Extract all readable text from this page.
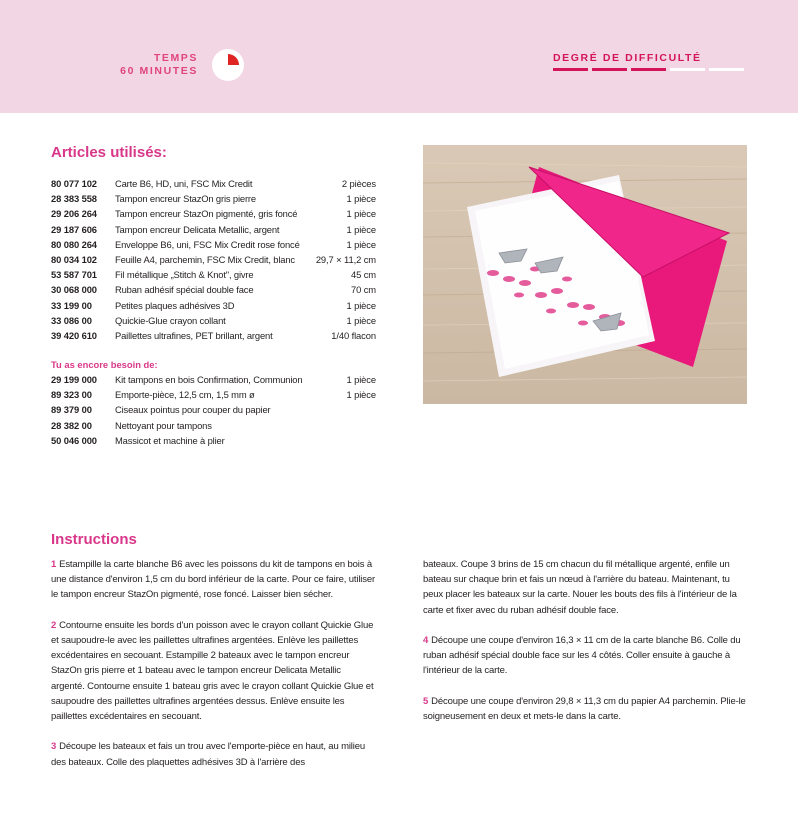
TEMPS
60 MINUTES
DEGRÉ DE DIFFICULTÉ
Articles utilisés:
80 077 102	Carte B6, HD, uni, FSC Mix Credit	2 pièces
28 383 558	Tampon encreur StazOn gris pierre	1 pièce
29 206 264	Tampon encreur StazOn pigmenté, gris foncé	1 pièce
29 187 606	Tampon encreur Delicata Metallic, argent	1 pièce
80 080 264	Enveloppe B6, uni, FSC Mix Credit rose foncé	1 pièce
80 034 102	Feuille A4, parchemin, FSC Mix Credit, blanc	29,7 × 11,2 cm
53 587 701	Fil métallique „Stitch & Knot", givre	45 cm
30 068 000	Ruban adhésif spécial double face	70 cm
33 199 00	Petites plaques adhésives 3D	1 pièce
33 086 00	Quickie-Glue crayon collant	1 pièce
39 420 610	Paillettes ultrafines, PET brillant, argent	1/40 flacon
Tu as encore besoin de:
29 199 000	Kit tampons en bois Confirmation, Communion	1 pièce
89 323 00	Emporte-pièce, 12,5 cm, 1,5 mm ø	1 pièce
89 379 00	Ciseaux pointus pour couper du papier
28 382 00	Nettoyant pour tampons
50 046 000	Massicot et machine à plier
Instructions

1 Estampille la carte blanche B6 avec les poissons du kit de tampons en bois à une distance d'environ 1,5 cm du bord inférieur de la carte. Pour ce faire, utiliser le tampon encreur StazOn pigmenté, rose foncé. Laisser bien sécher.

2 Contourne ensuite les bords d'un poisson avec le crayon collant Quickie Glue et saupoudre-le avec les paillettes ultrafines argentées. Enlève les paillettes excédentaires en secouant. Estampille 2 bateaux avec le tampon encreur StazOn gris pierre et 1 bateau avec le tampon encreur Delicata Metallic argenté. Contourne ensuite 1 bateau gris avec le crayon collant Quickie Glue et saupoudre des paillettes ultrafines argentées dessus. Enlève ensuite les paillettes excédentaires en secouant.

3 Découpe les bateaux et fais un trou avec l'emporte-pièce en haut, au milieu des bateaux. Colle des plaquettes adhésives 3D à l'arrière des

bateaux. Coupe 3 brins de 15 cm chacun du fil métallique argenté, enfile un bateau sur chaque brin et fais un nœud à l'arrière du bateau. Maintenant, tu peux placer les bateaux sur la carte. Nouer les bouts des fils à l'intérieur de la carte et fixer avec du ruban adhésif double face.

4 Découpe une coupe d'environ 16,3 × 11 cm de la carte blanche B6. Colle du ruban adhésif spécial double face sur les 4 côtés. Coller ensuite à gauche à l'intérieur de la carte.

5 Découpe une coupe d'environ 29,8 × 11,3 cm du papier A4 parchemin. Plie-le soigneusement en deux et mets-le dans la carte.
